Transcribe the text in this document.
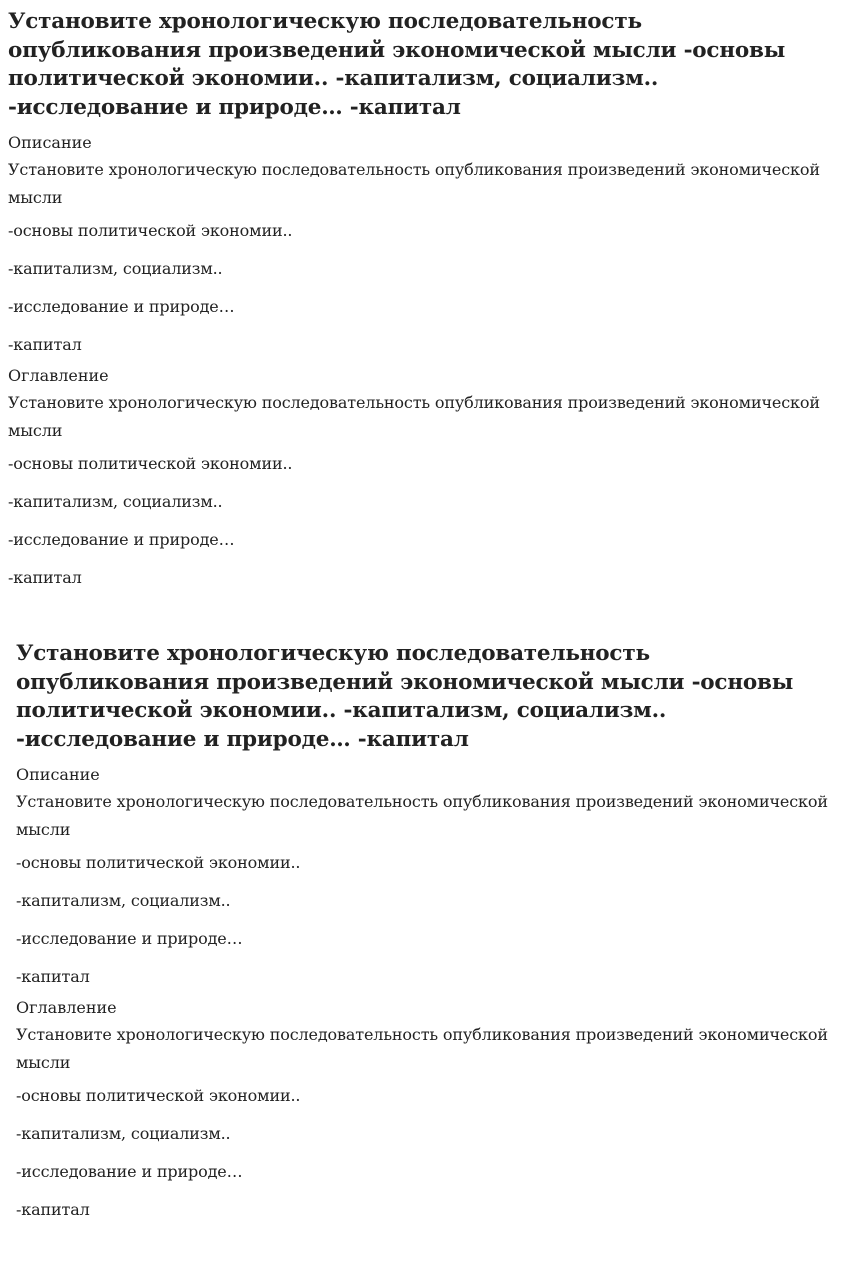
Установите хронологическую последовательность опубликования произведений экономической мысли -основы политической экономии.. -капитализм, социализм.. -исследование и природе… -капитал
Описание

Установите хронологическую последовательность опубликования произведений экономической мысли

-основы политической экономии..

-капитализм, социализм..

-исследование и природе…

-капитал

Оглавление

Установите хронологическую последовательность опубликования произведений экономической мысли

-основы политической экономии..

-капитализм, социализм..

-исследование и природе…

-капитал

Установите хронологическую последовательность опубликования произведений экономической мысли -основы политической экономии.. -капитализм, социализм.. -исследование и природе… -капитал
Описание

Установите хронологическую последовательность опубликования произведений экономической мысли

-основы политической экономии..

-капитализм, социализм..

-исследование и природе…

-капитал

Оглавление

Установите хронологическую последовательность опубликования произведений экономической мысли

-основы политической экономии..

-капитализм, социализм..

-исследование и природе…

-капитал
